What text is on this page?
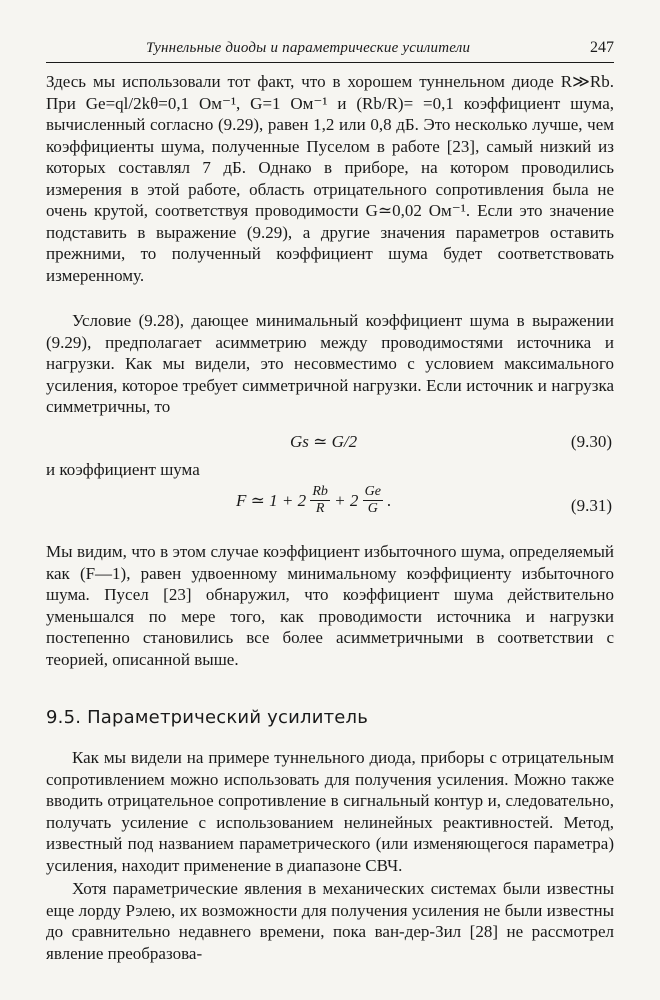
Туннельные диоды и параметрические усилители	247

Здесь мы использовали тот факт, что в хорошем туннельном диоде R≫Rb. При Ge=ql/2kθ=0,1 Ом⁻¹, G=1 Ом⁻¹ и (Rb/R)= =0,1 коэффициент шума, вычисленный согласно (9.29), равен 1,2 или 0,8 дБ. Это несколько лучше, чем коэффициенты шума, полученные Пуселом в работе [23], самый низкий из которых составлял 7 дБ. Однако в приборе, на котором проводились измерения в этой работе, область отрицательного сопротивления была не очень крутой, соответствуя проводимости G≃0,02 Ом⁻¹. Если это значение подставить в выражение (9.29), а другие значения параметров оставить прежними, то полученный коэффициент шума будет соответствовать измеренному.

Условие (9.28), дающее минимальный коэффициент шума в выражении (9.29), предполагает асимметрию между проводимостями источника и нагрузки. Как мы видели, это несовместимо с условием максимального усиления, которое требует симметричной нагрузки. Если источник и нагрузка симметричны, то

Gs ≃ G/2	(9.30)

и коэффициент шума

F ≃ $1 + 2 \frac{Rb}{R} + 2 \frac{Ge}{G}$ .	(9.31)

Мы видим, что в этом случае коэффициент избыточного шума, определяемый как (F—1), равен удвоенному минимальному коэффициенту избыточного шума. Пусел [23] обнаружил, что коэффициент шума действительно уменьшался по мере того, как проводимости источника и нагрузки постепенно становились все более асимметричными в соответствии с теорией, описанной выше.

9.5. Параметрический усилитель

Как мы видели на примере туннельного диода, приборы с отрицательным сопротивлением можно использовать для получения усиления. Можно также вводить отрицательное сопротивление в сигнальный контур и, следовательно, получать усиление с использованием нелинейных реактивностей. Метод, известный под названием параметрического (или изменяющегося параметра) усиления, находит применение в диапазоне СВЧ.

Хотя параметрические явления в механических системах были известны еще лорду Рэлею, их возможности для получения усиления не были известны до сравнительно недавнего времени, пока ван-дер-Зил [28] не рассмотрел явление преобразова-
